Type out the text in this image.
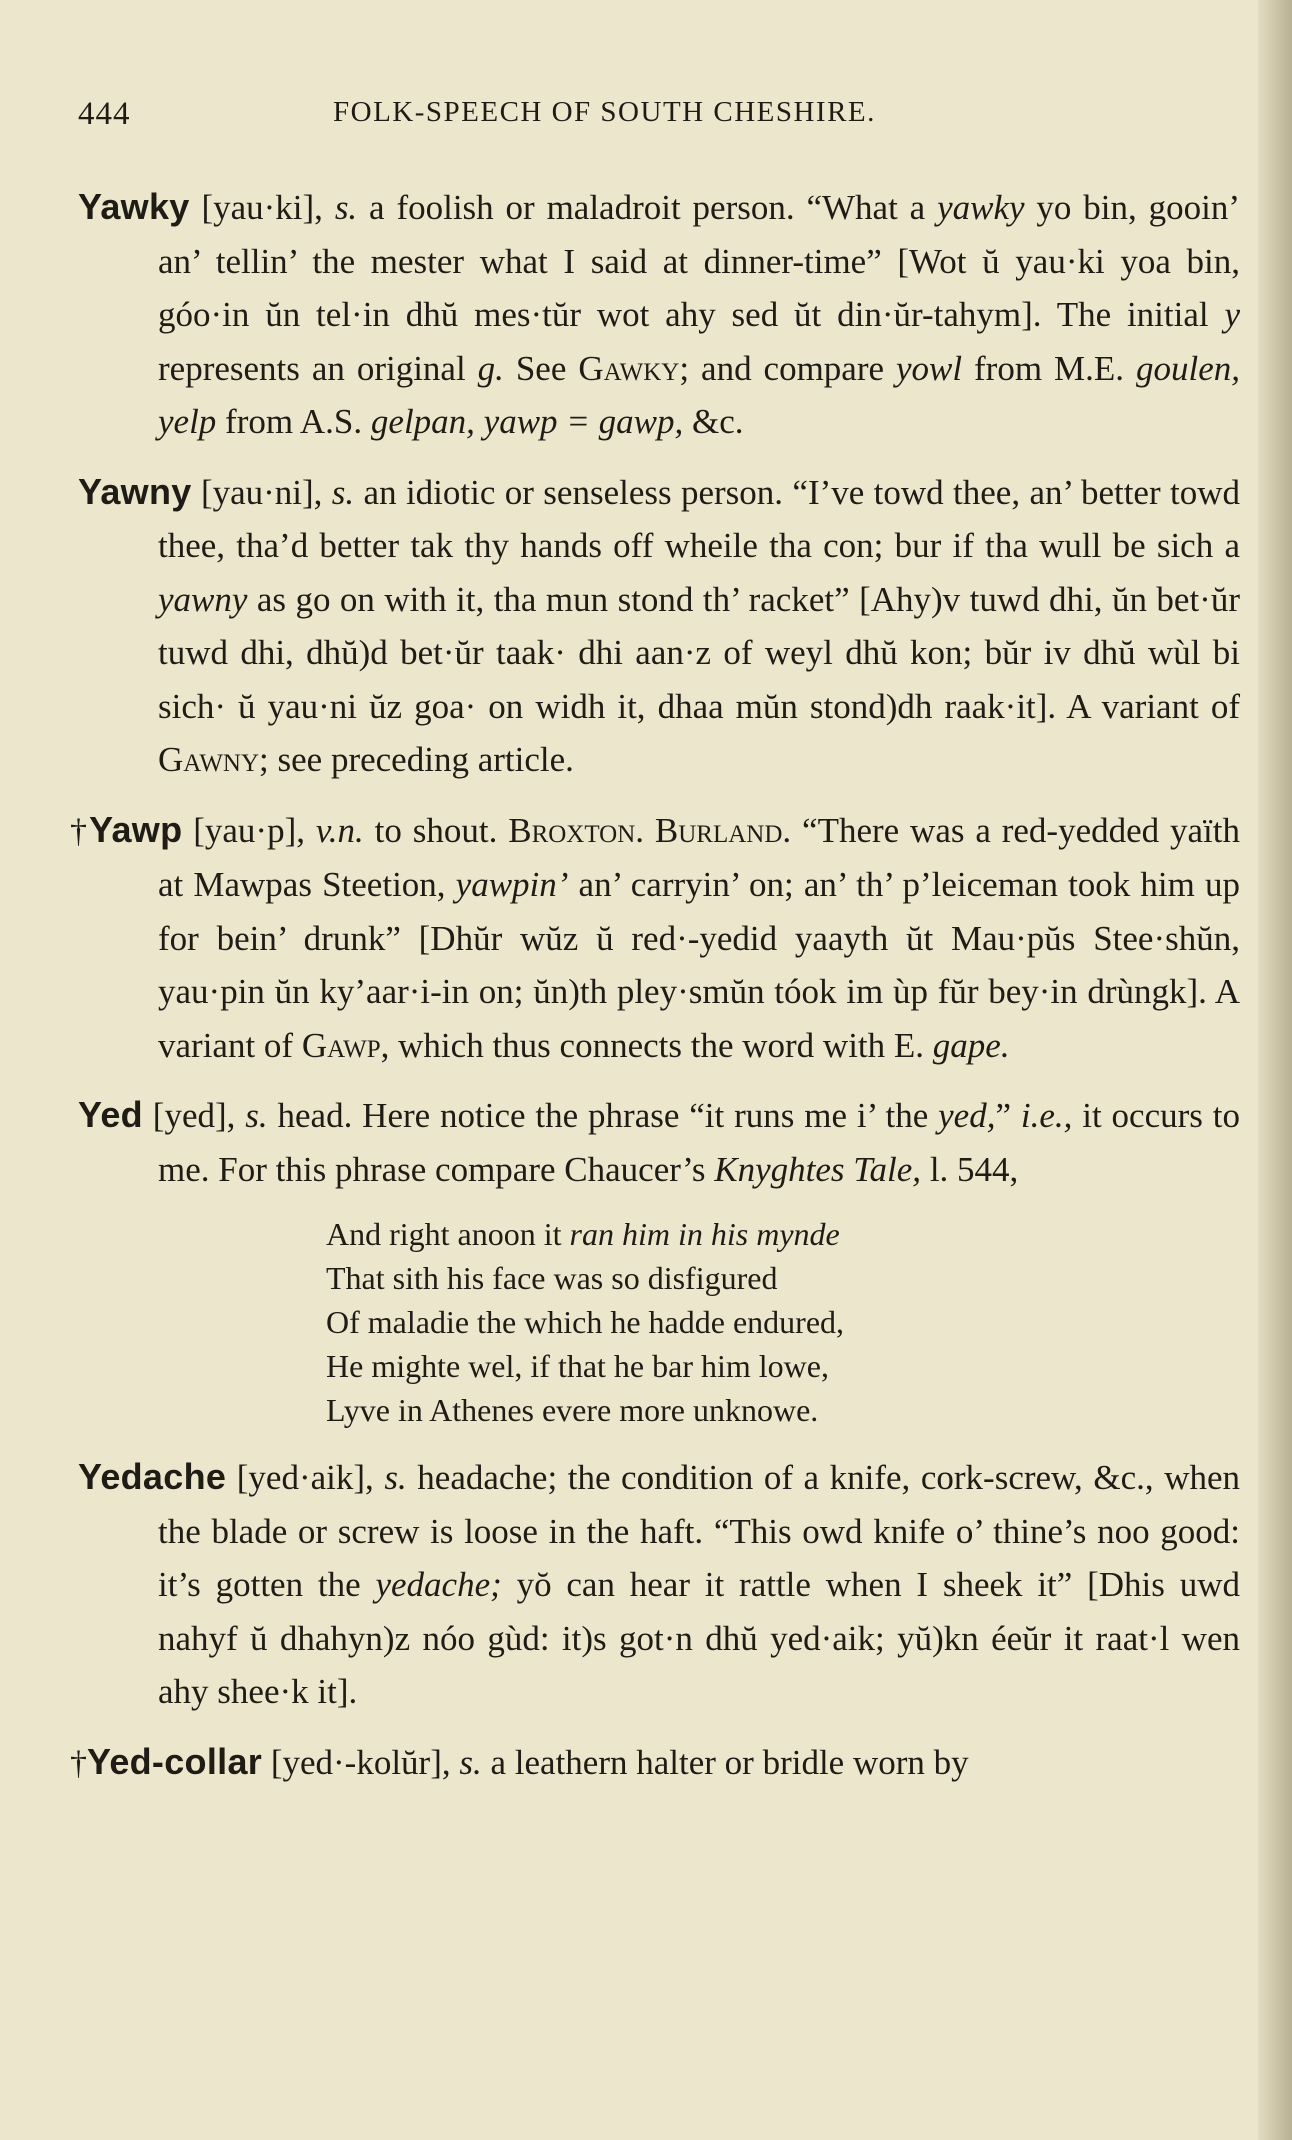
444	FOLK-SPEECH OF SOUTH CHESHIRE.

Yawky [yau·ki], s. a foolish or maladroit person. “What a yawky yo bin, gooin’ an’ tellin’ the mester what I said at dinner-time” [Wot ŭ yau·ki yoa bin, góo·in ŭn tel·in dhŭ mes·tŭr wot ahy sed ŭt din·ŭr-tahym]. The initial y represents an original g. See Gawky; and compare yowl from M.E. goulen, yelp from A.S. gelpan, yawp = gawp, &c.

Yawny [yau·ni], s. an idiotic or senseless person. “I’ve towd thee, an’ better towd thee, tha’d better tak thy hands off wheile tha con; bur if tha wull be sich a yawny as go on with it, tha mun stond th’ racket” [Ahy)v tuwd dhi, ŭn bet·ŭr tuwd dhi, dhŭ)d bet·ŭr taak· dhi aan·z of weyl dhŭ kon; bŭr iv dhŭ wùl bi sich· ŭ yau·ni ŭz goa· on widh it, dhaa mŭn stond)dh raak·it]. A variant of Gawny; see preceding article.

†Yawp [yau·p], v.n. to shout. Broxton. Burland. “There was a red-yedded yaïth at Mawpas Steetion, yawpin’ an’ carryin’ on; an’ th’ p’leiceman took him up for bein’ drunk” [Dhŭr wŭz ŭ red·-yedid yaayth ŭt Mau·pŭs Stee·shŭn, yau·pin ŭn ky’aar·i-in on; ŭn)th pley·smŭn tóok im ùp fŭr bey·in drùngk]. A variant of Gawp, which thus connects the word with E. gape.

Yed [yed], s. head. Here notice the phrase “it runs me i’ the yed,” i.e., it occurs to me. For this phrase compare Chaucer’s Knyghtes Tale, l. 544,

And right anoon it ran him in his mynde
That sith his face was so disfigured
Of maladie the which he hadde endured,
He mighte wel, if that he bar him lowe,
Lyve in Athenes evere more unknowe.

Yedache [yed·aik], s. headache; the condition of a knife, cork-screw, &c., when the blade or screw is loose in the haft. “This owd knife o’ thine’s noo good: it’s gotten the yedache; yŏ can hear it rattle when I sheek it” [Dhis uwd nahyf ŭ dhahyn)z nóo gùd: it)s got·n dhŭ yed·aik; yŭ)kn éeŭr it raat·l wen ahy shee·k it].

†Yed-collar [yed·-kolŭr], s. a leathern halter or bridle worn by
